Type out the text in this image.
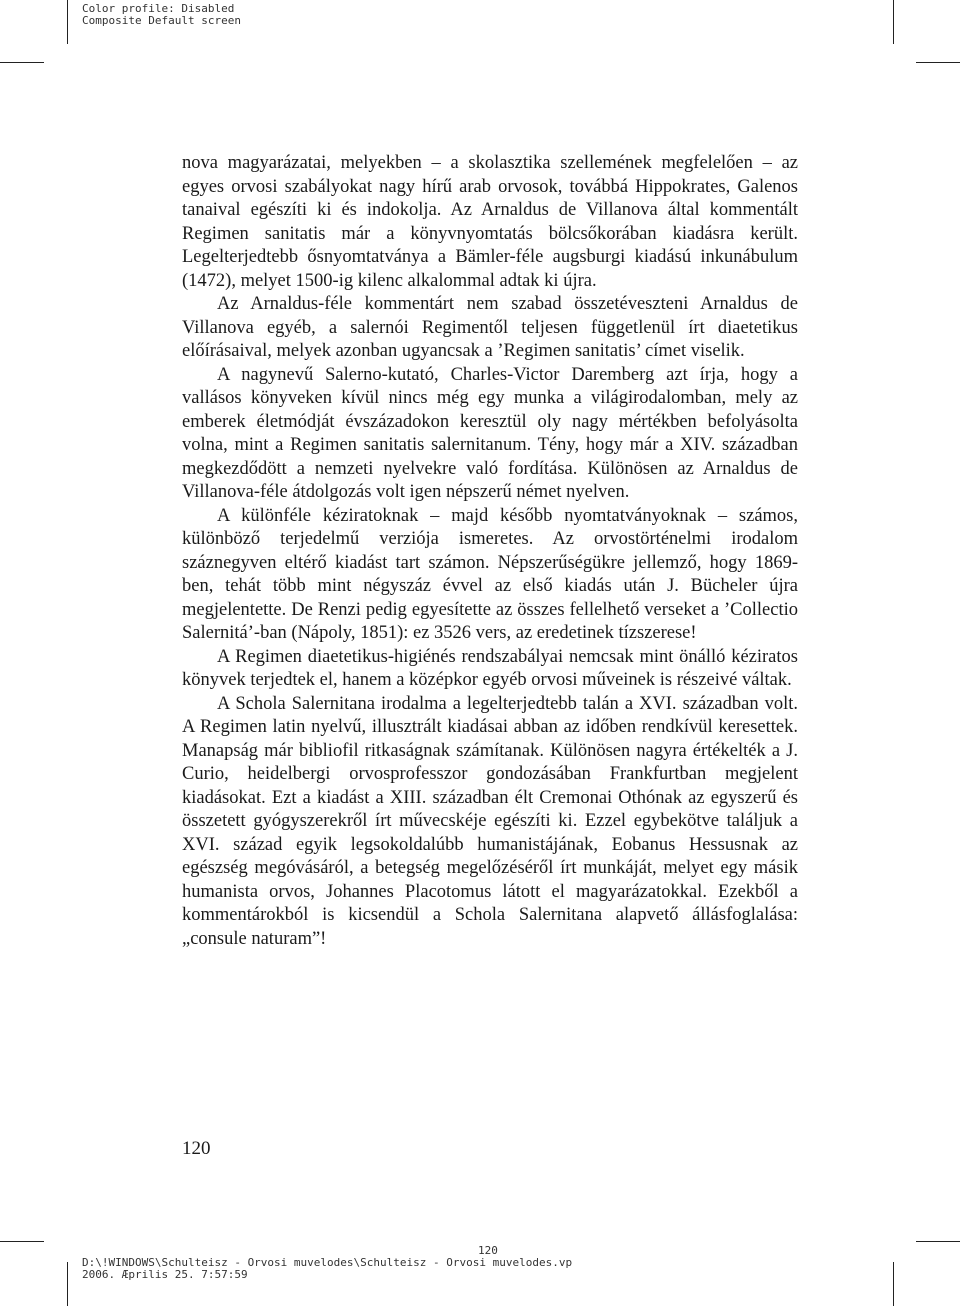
Color profile: Disabled
Composite Default screen

nova magyarázatai, melyekben – a skolasztika szellemének megfelelően – az egyes orvosi szabályokat nagy hírű arab orvosok, továbbá Hippokrates, Galenos tanaival egészíti ki és indokolja. Az Arnaldus de Villanova által kommentált Regimen sanitatis már a könyvnyomtatás bölcsőkorában kiadásra került. Legelterjedtebb ősnyomtatványa a Bämler-féle augsburgi kiadású inkunábulum (1472), melyet 1500-ig kilenc alkalommal adtak ki újra.

Az Arnaldus-féle kommentárt nem szabad összetéveszteni Arnaldus de Villanova egyéb, a salernói Regimentől teljesen függetlenül írt diaetetikus előírásaival, melyek azonban ugyancsak a ’Regimen sanitatis’ címet viselik.

A nagynevű Salerno-kutató, Charles-Victor Daremberg azt írja, hogy a vallásos könyveken kívül nincs még egy munka a világirodalomban, mely az emberek életmódját évszázadokon keresztül oly nagy mértékben befolyásolta volna, mint a Regimen sanitatis salernitanum. Tény, hogy már a XIV. században megkezdődött a nemzeti nyelvekre való fordítása. Különösen az Arnaldus de Villanova-féle átdolgozás volt igen népszerű német nyelven.

A különféle kéziratoknak – majd később nyomtatványoknak – számos, különböző terjedelmű verziója ismeretes. Az orvostörténelmi irodalom száznegyven eltérő kiadást tart számon. Népszerűségükre jellemző, hogy 1869-ben, tehát több mint négyszáz évvel az első kiadás után J. Bücheler újra megjelentette. De Renzi pedig egyesítette az összes fellelhető verseket a ’Collectio Salernitá’-ban (Nápoly, 1851): ez 3526 vers, az eredetinek tízszerese!

A Regimen diaetetikus-higiénés rendszabályai nemcsak mint önálló kéziratos könyvek terjedtek el, hanem a középkor egyéb orvosi műveinek is részeivé váltak.

A Schola Salernitana irodalma a legelterjedtebb talán a XVI. században volt. A Regimen latin nyelvű, illusztrált kiadásai abban az időben rendkívül keresettek. Manapság már bibliofil ritkaságnak számítanak. Különösen nagyra értékelték a J. Curio, heidelbergi orvosprofesszor gondozásában Frankfurtban megjelent kiadásokat. Ezt a kiadást a XIII. században élt Cremonai Othónak az egyszerű és összetett gyógyszerekről írt művecskéje egészíti ki. Ezzel egybekötve találjuk a XVI. század egyik legsokoldalúbb humanistájának, Eobanus Hessusnak az egészség megóvásáról, a betegség megelőzéséről írt munkáját, melyet egy másik humanista orvos, Johannes Placotomus látott el magyarázatokkal. Ezekből a kommentárokból is kicsendül a Schola Salernitana alapvető állásfoglalása: „consule naturam”!

120
120
D:\!WINDOWS\Schulteisz - Orvosi muvelodes\Schulteisz - Orvosi muvelodes.vp
2006. Æprilis 25. 7:57:59
